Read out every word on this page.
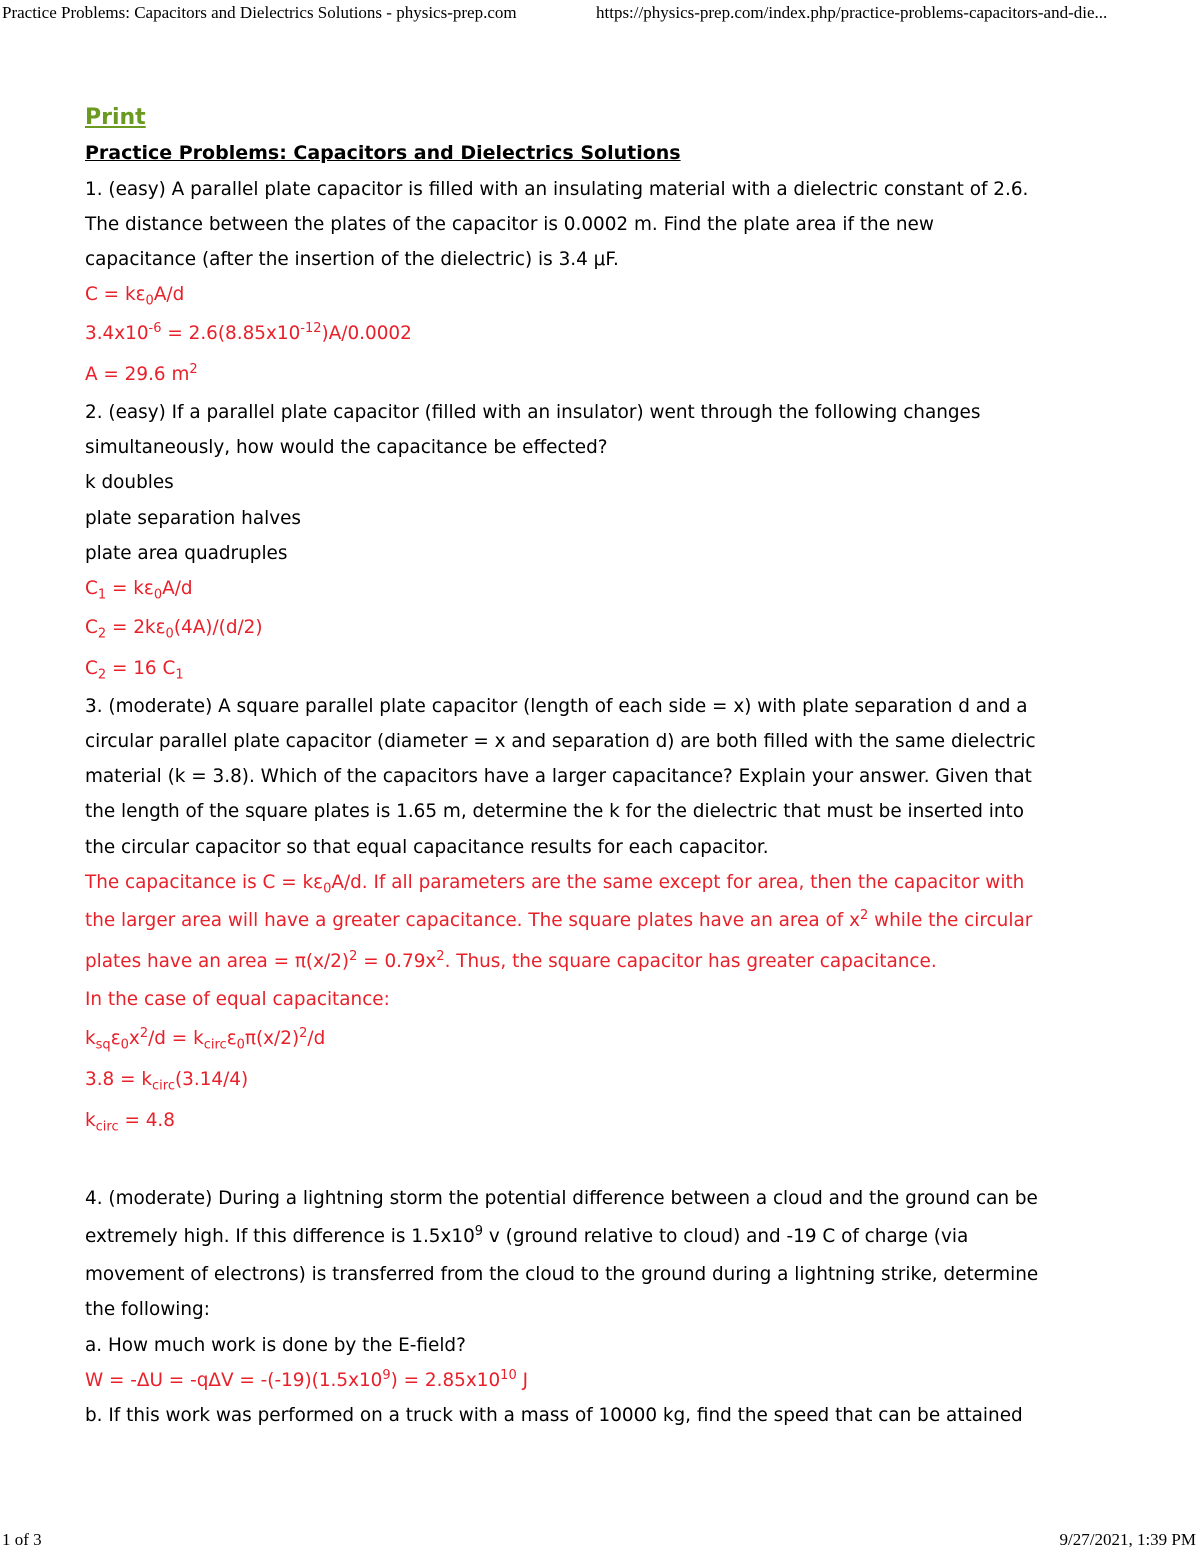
Practice Problems: Capacitors and Dielectrics Solutions - physics-prep.com	https://physics-prep.com/index.php/practice-problems-capacitors-and-die...

Print

Practice Problems: Capacitors and Dielectrics Solutions

1. (easy) A parallel plate capacitor is filled with an insulating material with a dielectric constant of 2.6.

The distance between the plates of the capacitor is 0.0002 m. Find the plate area if the new

capacitance (after the insertion of the dielectric) is 3.4 μF.

$C = k\varepsilon_0A/d$

$3.4x10^{-6} = 2.6(8.85x10^{-12})A/0.0002$

A = 29.6 $m^2$

2. (easy) If a parallel plate capacitor (filled with an insulator) went through the following changes

simultaneously, how would the capacitance be effected?

k doubles

plate separation halves

plate area quadruples

$C_1 = k\varepsilon_0A/d$

$C_2 = 2k\varepsilon_0(4A)/(d/2)$

$C_2 = 16$ $C_1$

3. (moderate) A square parallel plate capacitor (length of each side = x) with plate separation d and a

circular parallel plate capacitor (diameter = x and separation d) are both filled with the same dielectric

material (k = 3.8). Which of the capacitors have a larger capacitance? Explain your answer. Given that

the length of the square plates is 1.65 m, determine the k for the dielectric that must be inserted into

the circular capacitor so that equal capacitance results for each capacitor.

The capacitance is $C = k\varepsilon_0A/d$. If all parameters are the same except for area, then the capacitor with

the larger area will have a greater capacitance. The square plates have an area of $x^2$ while the circular

plates have an area = $\pi(x/2)^2 = 0.79x^2$. Thus, the square capacitor has greater capacitance.

In the case of equal capacitance:

$k_{sq}\varepsilon_0x^2/d = k_{circ}\varepsilon_0\pi(x/2)^2/d$

$3.8 = k_{circ}(3.14/4)$

$k_{circ} = 4.8$

4. (moderate) During a lightning storm the potential difference between a cloud and the ground can be

extremely high. If this difference is $1.5x10^9$ v (ground relative to cloud) and -19 C of charge (via

movement of electrons) is transferred from the cloud to the ground during a lightning strike, determine

the following:

a. How much work is done by the E-field?

$W = -\Delta U = -q\Delta V = -(-19)(1.5x10^9) = 2.85x10^{10}$ J

b. If this work was performed on a truck with a mass of 10000 kg, find the speed that can be attained

1 of 3	9/27/2021, 1:39 PM
